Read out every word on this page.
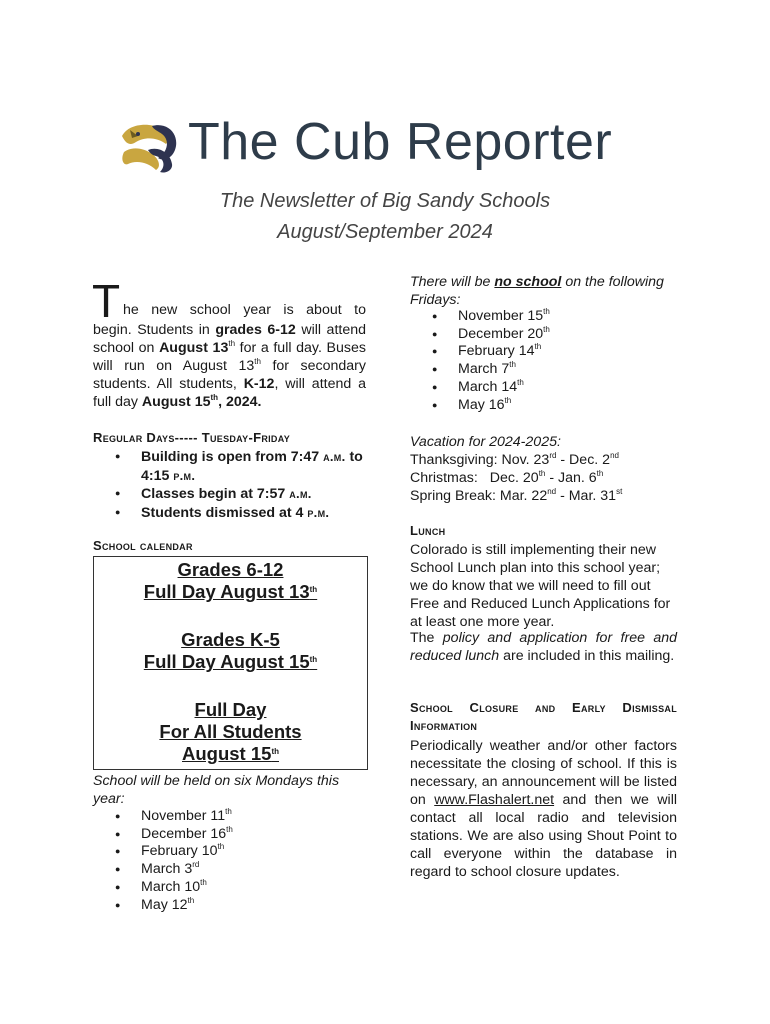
The Cub Reporter
The Newsletter of Big Sandy Schools
August/September 2024
T he new school year is about to
begin. Students in grades 6-12 will attend school on August 13th for a full day. Buses will run on August 13th for secondary students. All students, K-12, will attend a full day August 15th, 2024.
Regular Days----- Tuesday-Friday
● Building is open from 7:47 a.m. to 4:15 p.m.
● Classes begin at 7:57 a.m.
● Students dismissed at 4 p.m.
School calendar
Grades 6-12
Full Day August 13th
Grades K-5
Full Day August 15th
Full Day
For All Students
August 15th
School will be held on six Mondays this year:
● November 11th
● December 16th
● February 10th
● March 3rd
● March 10th
● May 12th
There will be no school on the following Fridays:
● November 15th
● December 20th
● February 14th
● March 7th
● March 14th
● May 16th
Vacation for 2024-2025:
Thanksgiving: Nov. 23rd - Dec. 2nd
Christmas: Dec. 20th - Jan. 6th
Spring Break: Mar. 22nd - Mar. 31st
Lunch
Colorado is still implementing their new School Lunch plan into this school year; we do know that we will need to fill out Free and Reduced Lunch Applications for at least one more year.
The policy and application for free and reduced lunch are included in this mailing.
School Closure and Early Dismissal Information
Periodically weather and/or other factors necessitate the closing of school. If this is necessary, an announcement will be listed on www.Flashalert.net and then we will contact all local radio and television stations. We are also using Shout Point to call everyone within the database in regard to school closure updates.
